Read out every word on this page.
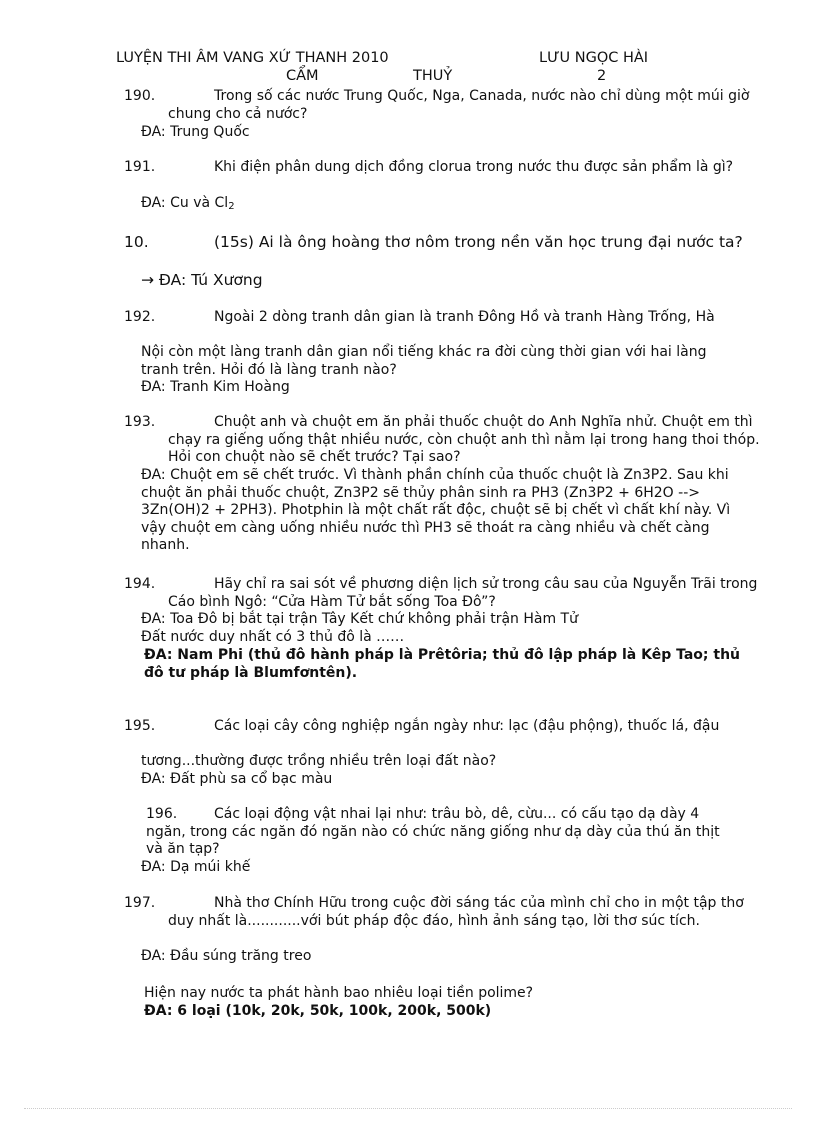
LUYỆN THI ÂM VANG XỨ THANH 2010	LƯU NGỌC HÀI
CẨM	THUỶ	2
190.	Trong số các nước Trung Quốc, Nga, Canada, nước nào chỉ dùng một múi giờ chung cho cả nước?
ĐA: Trung Quốc
191.	Khi điện phân dung dịch đồng clorua trong nước thu được sản phẩm là gì?
ĐA: Cu và $Cl_2$
10.	(15s) Ai là ông hoàng thơ nôm trong nền văn học trung đại nước ta?
→ ĐA: Tú Xương
192.	Ngoài 2 dòng tranh dân gian là tranh Đông Hồ và tranh Hàng Trống, Hà
Nội còn một làng tranh dân gian nổi tiếng khác ra đời cùng thời gian với hai làng tranh trên. Hỏi đó là làng tranh nào?
ĐA: Tranh Kim Hoàng
193.	Chuột anh và chuột em ăn phải thuốc chuột do Anh Nghĩa nhử. Chuột em thì chạy ra giếng uống thật nhiều nước, còn chuột anh thì nằm lại trong hang thoi thóp. Hỏi con chuột nào sẽ chết trước? Tại sao?
ĐA: Chuột em sẽ chết trước. Vì thành phần chính của thuốc chuột là Zn3P2. Sau khi chuột ăn phải thuốc chuột, Zn3P2 sẽ thủy phân sinh ra PH3 (Zn3P2 + 6H2O --> 3Zn(OH)2 + 2PH3). Photphin là một chất rất độc, chuột sẽ bị chết vì chất khí này. Vì vậy chuột em càng uống nhiều nước thì PH3 sẽ thoát ra càng nhiều và chết càng nhanh.
194.	Hãy chỉ ra sai sót về phương diện lịch sử trong câu sau của Nguyễn Trãi trong Cáo bình Ngô: “Cửa Hàm Tử bắt sống Toa Đô”?
ĐA: Toa Đô bị bắt tại trận Tây Kết chứ không phải trận Hàm Tử
Đất nước duy nhất có 3 thủ đô là ……
ĐA: Nam Phi (thủ đô hành pháp là Prêtôria; thủ đô lập pháp là Kêp Tao; thủ đô tư pháp là Blumfơntên).
195.	Các loại cây công nghiệp ngắn ngày như: lạc (đậu phộng), thuốc lá, đậu
tương...thường được trồng nhiều trên loại đất nào?
ĐA: Đất phù sa cổ bạc màu
196.	Các loại động vật nhai lại như: trâu bò, dê, cừu... có cấu tạo dạ dày 4 ngăn, trong các ngăn đó ngăn nào có chức năng giống như dạ dày của thú ăn thịt và ăn tạp?
ĐA: Dạ múi khế
197.	Nhà thơ Chính Hữu trong cuộc đời sáng tác của mình chỉ cho in một tập thơ duy nhất là............với bút pháp độc đáo, hình ảnh sáng tạo, lời thơ súc tích.
ĐA: Đầu súng trăng treo
Hiện nay nước ta phát hành bao nhiêu loại tiền polime?
ĐA: 6 loại (10k, 20k, 50k, 100k, 200k, 500k)
